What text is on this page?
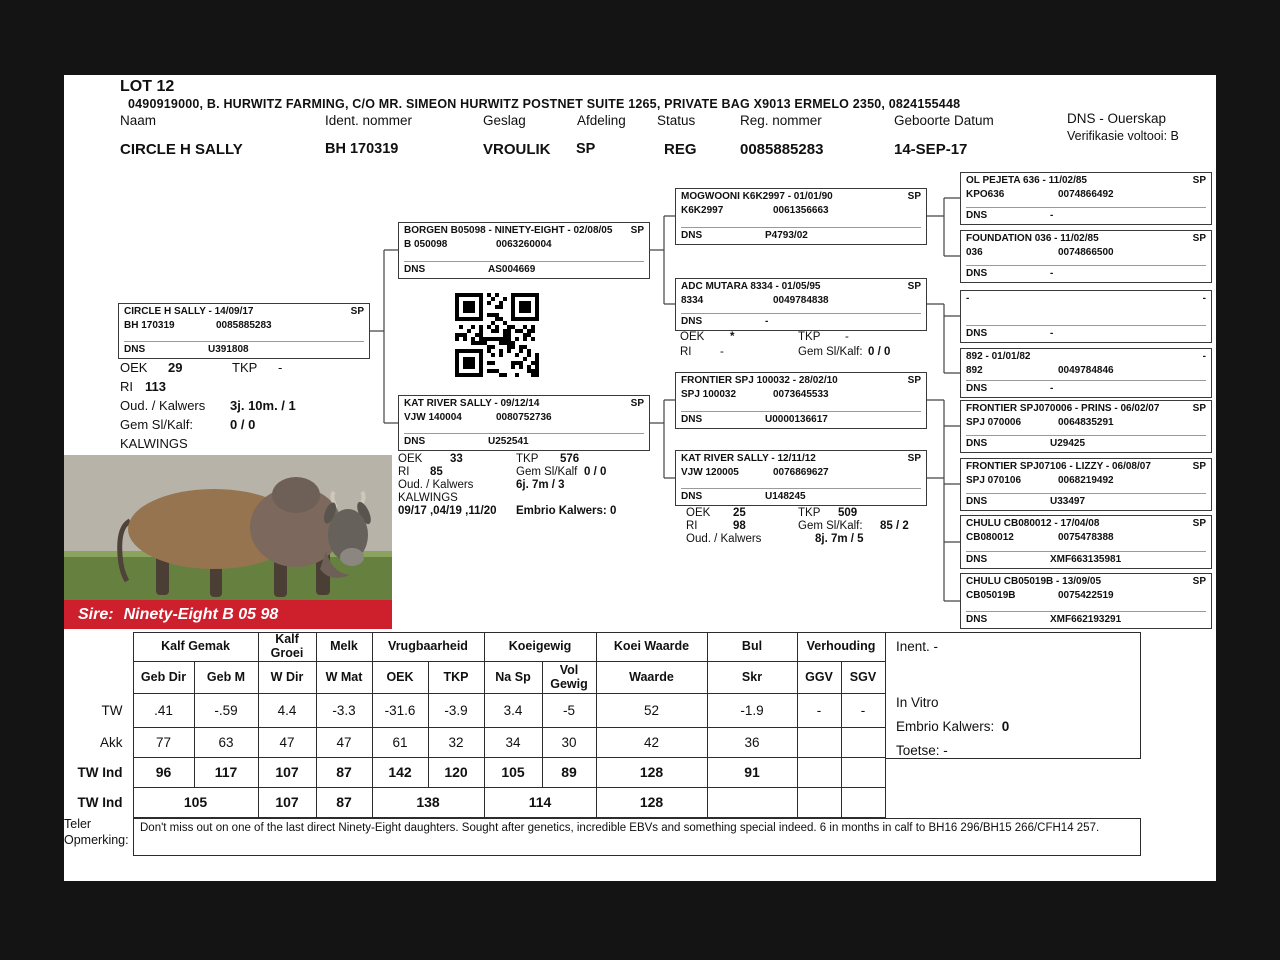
LOT 12
0490919000, B. HURWITZ FARMING, C/O MR. SIMEON HURWITZ POSTNET SUITE 1265, PRIVATE BAG X9013 ERMELO 2350, 0824155448
Naam	Ident. nommer	Geslag	Afdeling Status	Reg. nommer	Geboorte Datum	DNS - Ouerskap
Verifikasie voltooi: B
CIRCLE H SALLY	BH 170319	VROULIK SP	REG	0085885283	14-SEP-17
OEK 29	TKP -
RI 113
Oud. / Kalwers 3j. 10m. / 1
Gem Sl/Kalf:	0 / 0
KALWINGS
OEK 33	TKP 576
RI 85	Gem Sl/Kalf 0 / 0
Oud. / Kalwers	6j. 7m / 3
KALWINGS
09/17 ,04/19 ,11/20 Embrio Kalwers: 0
OEK *	TKP -
RI -	Gem Sl/Kalf: 0 / 0
OEK 25	TKP 509
RI	98	Gem Sl/Kalf: 85 / 2
Oud. / Kalwers	8j. 7m / 5
Sire: Ninety-Eight B 05 98
	Kalf Gemak		Kalf Groei	Melk	Vrugbaarheid		Koeigewig		Koei Waarde	Bul	Verhouding	
	Geb Dir	Geb M	W Dir	W Mat	OEK	TKP	Na Sp	Vol Gewig	Waarde	Skr	GGV	SGV
TW	.41	-.59	4.4	-3.3	-31.6	-3.9	3.4	-5	52	-1.9	-	-
Akk	77	63	47	47	61	32	34	30	42	36		
TW Ind	96	117	107	87	142	120	105	89	128	91		
TW Ind	105		107	87	138		114		128			
Inent. -
In Vitro
Embrio Kalwers: 0
Toetse: -
Teler
Opmerking:
Don't miss out on one of the last direct Ninety-Eight daughters. Sought after genetics, incredible EBVs and something special indeed. 6 in months in calf to BH16 296/BH15 266/CFH14 257.
CIRCLE H SALLY - 14/09/17	SP
BH 170319	0085885283
DNS	U391808
BORGEN B05098 - NINETY-EIGHT - 02/08/05 SP
B 050098	0063260004
DNS	AS004669
KAT RIVER SALLY - 09/12/14	SP
VJW 140004	0080752736
DNS	U252541
MOGWOONI K6K2997 - 01/01/90	SP
K6K2997	0061356663
DNS	P4793/02
ADC MUTARA 8334 - 01/05/95	SP
8334	0049784838
DNS	-
FRONTIER SPJ 100032 - 28/02/10	SP
SPJ 100032	0073645533
DNS	U0000136617
KAT RIVER SALLY - 12/11/12	SP
VJW 120005	0076869627
DNS	U148245
OL PEJETA 636 - 11/02/85	SP
KPO636	0074866492
DNS	-
FOUNDATION 036 - 11/02/85	SP
036	0074866500
DNS	-
-	-
DNS	-
892 - 01/01/82	-
892	0049784846
DNS	-
FRONTIER SPJ070006 - PRINS - 06/02/07	SP
SPJ 070006	0064835291
DNS	U29425
FRONTIER SPJ07106 - LIZZY - 06/08/07	SP
SPJ 070106	0068219492
DNS	U33497
CHULU CB080012 - 17/04/08	SP
CB080012	0075478388
DNS	XMF663135981
CHULU CB05019B - 13/09/05	SP
CB05019B	0075422519
DNS	XMF662193291
